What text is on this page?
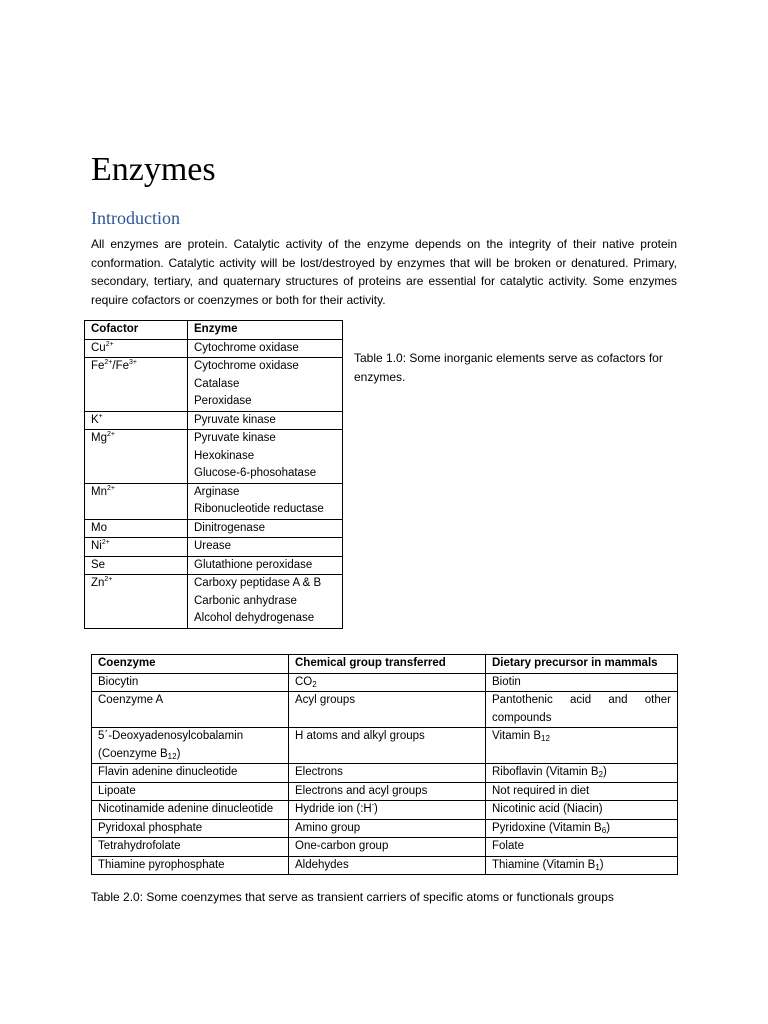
Enzymes
Introduction

All enzymes are protein. Catalytic activity of the enzyme depends on the integrity of their native protein conformation. Catalytic activity will be lost/destroyed by enzymes that will be broken or denatured. Primary, secondary, tertiary, and quaternary structures of proteins are essential for catalytic activity. Some enzymes require cofactors or coenzymes or both for their activity.

Cofactor	Enzyme
$Cu^{2+}$	Cytochrome oxidase

$Fe^{2+}/Fe^{3+}$	Cytochrome oxidase
Catalase
Peroxidase

K+	Pyruvate kinase

$Mg^{2+}$	Pyruvate kinase
Hexokinase
Glucose-6-phosohatase

$Mn^{2+}$	Arginase
Ribonucleotide reductase

Mo	Dinitrogenase

$Ni^{2+}$	Urease

Se	Glutathione peroxidase

$Zn^{2+}$	Carboxy peptidase A & B
Carbonic anhydrase
Alcohol dehydrogenase

Table 1.0: Some inorganic elements serve as cofactors for enzymes.

Coenzyme	Chemical group transferred	Dietary precursor in mammals
Biocytin	$CO_2$	Biotin
Coenzyme A	Acyl groups	Pantothenic acid and other compounds
5΄-Deoxyadenosylcobalamin (Coenzyme $B_{12}$)	H atoms and alkyl groups	Vitamin $B_{12}$
Flavin adenine dinucleotide	Electrons	Riboflavin (Vitamin $B_2$)
Lipoate	Electrons and acyl groups	Not required in diet
Nicotinamide adenine dinucleotide	Hydride ion (:H-)	Nicotinic acid (Niacin)
Pyridoxal phosphate	Amino group	Pyridoxine (Vitamin $B_6$)
Tetrahydrofolate	One-carbon group	Folate
Thiamine pyrophosphate	Aldehydes	Thiamine (Vitamin $B_1$)

Table 2.0: Some coenzymes that serve as transient carriers of specific atoms or functionals groups
